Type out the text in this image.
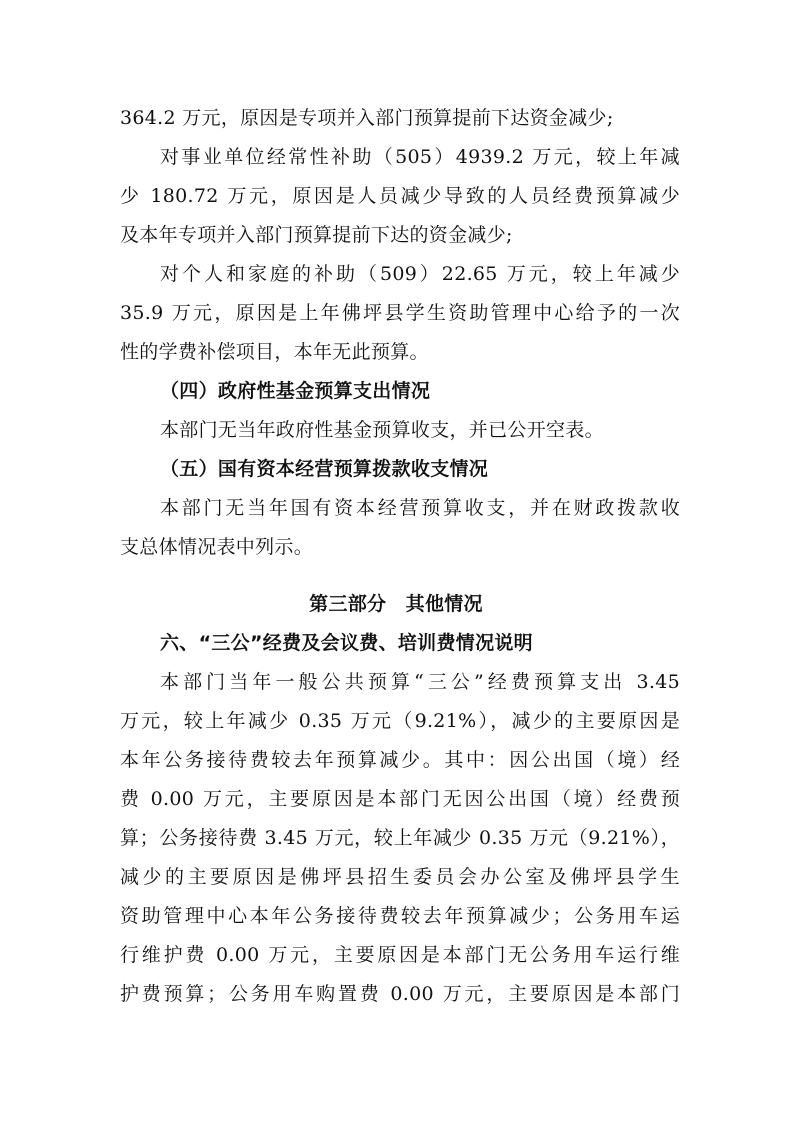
364.2 万元，原因是专项并入部门预算提前下达资金减少;
对事业单位经常性补助（505）4939.2 万元，较上年减
少 180.72 万元，原因是人员减少导致的人员经费预算减少
及本年专项并入部门预算提前下达的资金减少;
对个人和家庭的补助（509）22.65 万元，较上年减少
35.9 万元，原因是上年佛坪县学生资助管理中心给予的一次
性的学费补偿项目，本年无此预算。
（四）政府性基金预算支出情况
本部门无当年政府性基金预算收支，并已公开空表。
（五）国有资本经营预算拨款收支情况
本部门无当年国有资本经营预算收支，并在财政拨款收
支总体情况表中列示。
第三部分　其他情况
六、“三公”经费及会议费、培训费情况说明
本部门当年一般公共预算“三公”经费预算支出 3.45
万元，较上年减少 0.35 万元（9.21%），减少的主要原因是
本年公务接待费较去年预算减少。其中：因公出国（境）经
费 0.00 万元，主要原因是本部门无因公出国（境）经费预
算；公务接待费 3.45 万元，较上年减少 0.35 万元（9.21%），
减少的主要原因是佛坪县招生委员会办公室及佛坪县学生
资助管理中心本年公务接待费较去年预算减少；公务用车运
行维护费 0.00 万元，主要原因是本部门无公务用车运行维
护费预算；公务用车购置费 0.00 万元，主要原因是本部门
